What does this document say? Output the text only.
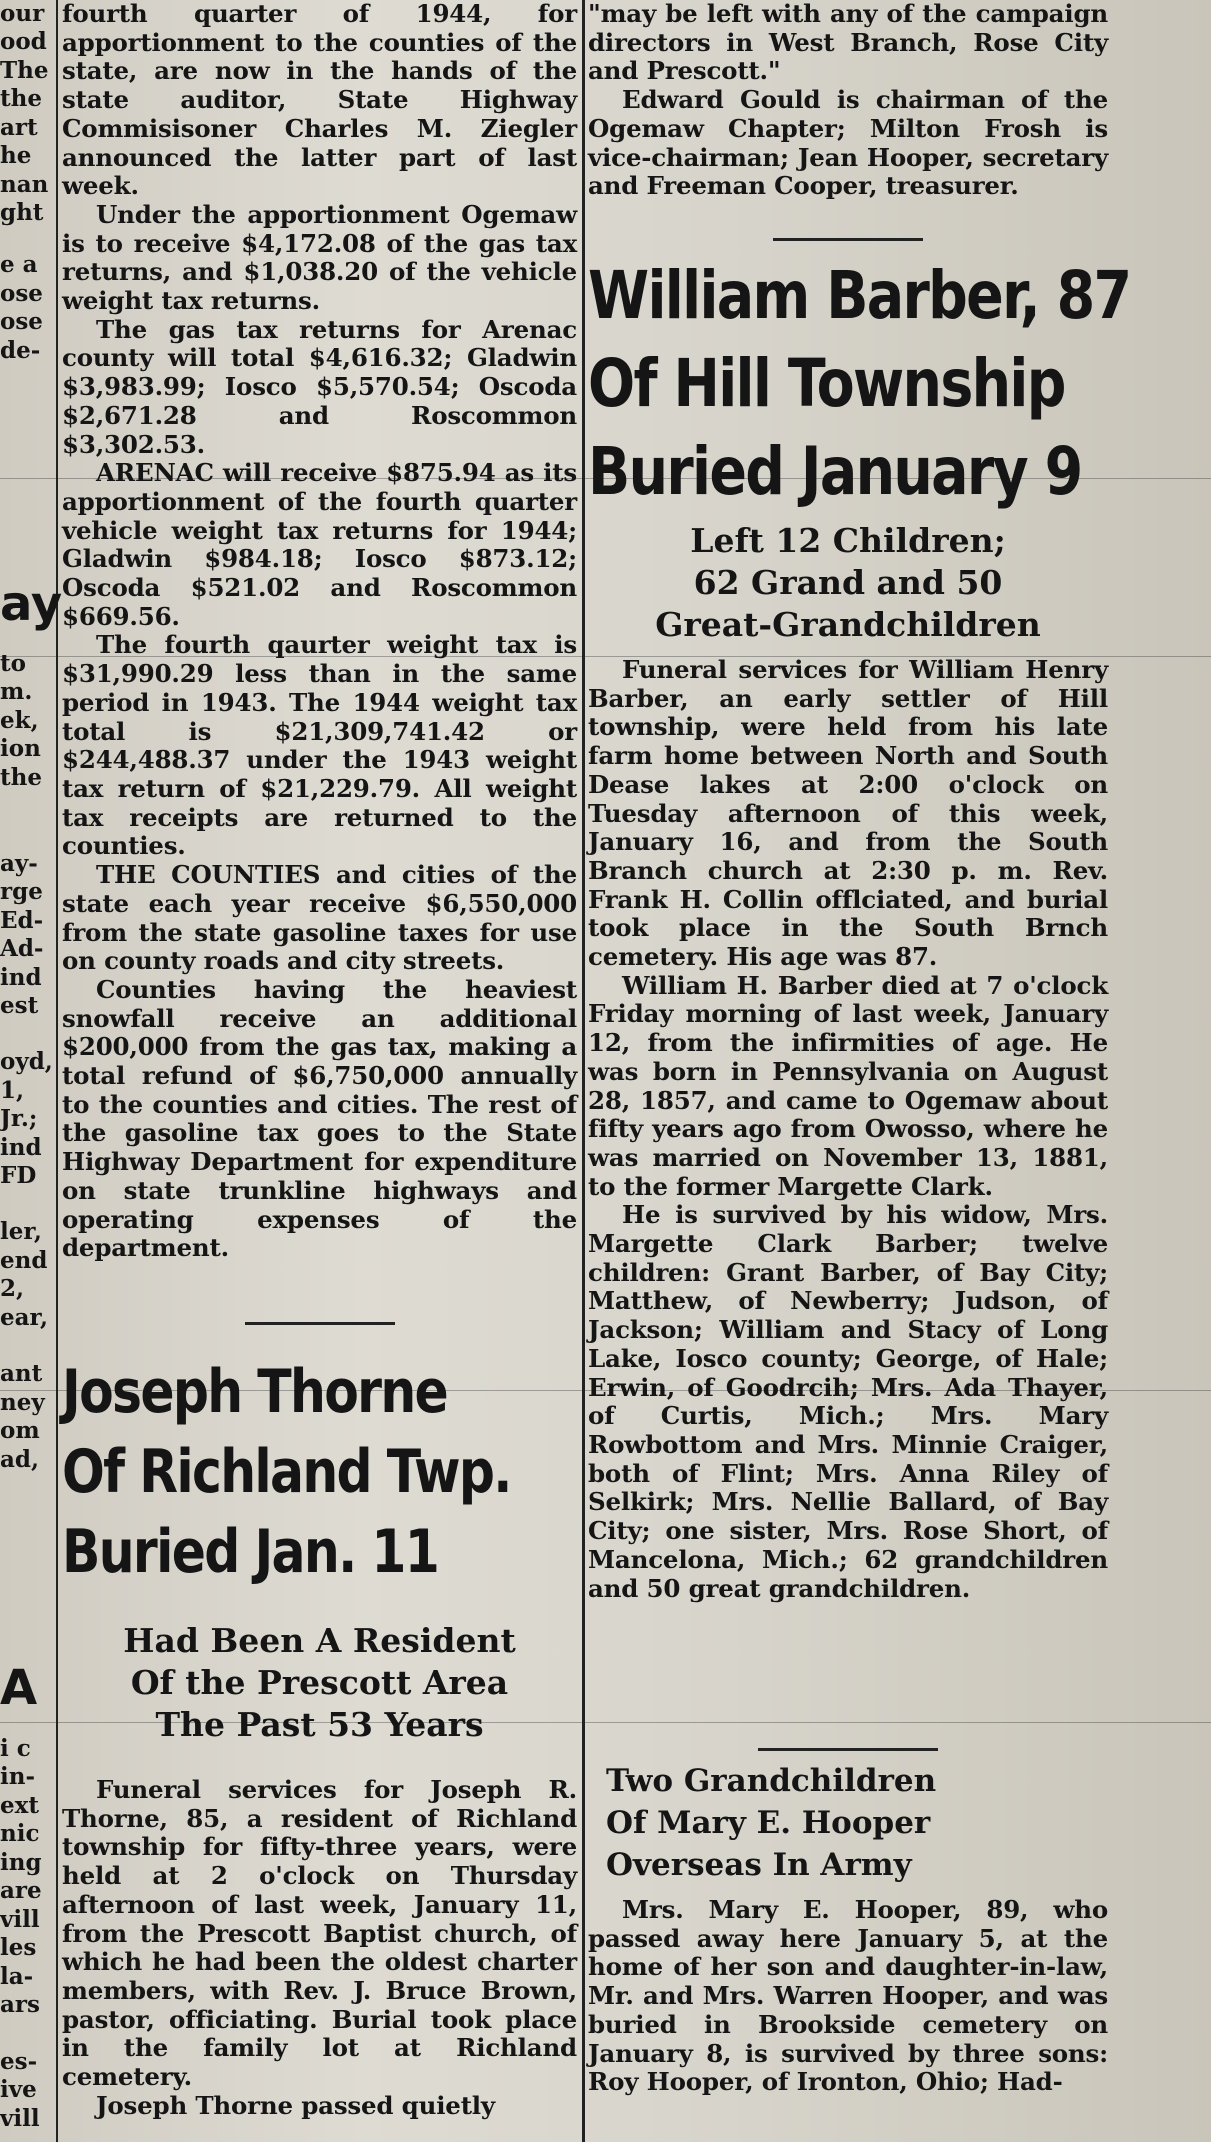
our
ood
The
the
art
he
nan
ght
e a
ose
ose
de-
ay
to
m.
ek,
ion
the
ay-
rge
Ed-
Ad-
ind
est
oyd,
1,
Jr.;
ind
FD
ler,
end
2,
ear,
ant
ney
om
ad,
A
i c
in-
ext
nic
ing
are
vill
les
la-
ars
es-
ive
vill

fourth quarter of 1944, for apportionment to the counties of the state, are now in the hands of the state auditor, State Highway Commisisoner Charles M. Ziegler announced the latter part of last week.

Under the apportionment Ogemaw is to receive $4,172.08 of the gas tax returns, and $1,038.20 of the vehicle weight tax returns.

The gas tax returns for Arenac county will total $4,616.32; Gladwin $3,983.99; Iosco $5,570.54; Oscoda $2,671.28 and Roscommon $3,302.53.

ARENAC will receive $875.94 as its apportionment of the fourth quarter vehicle weight tax returns for 1944; Gladwin $984.18; Iosco $873.12; Oscoda $521.02 and Roscommon $669.56.

The fourth qaurter weight tax is $31,990.29 less than in the same period in 1943. The 1944 weight tax total is $21,309,741.42 or $244,488.37 under the 1943 weight tax return of $21,229.79. All weight tax receipts are returned to the counties.

THE COUNTIES and cities of the state each year receive $6,550,000 from the state gasoline taxes for use on county roads and city streets.

Counties having the heaviest snowfall receive an additional $200,000 from the gas tax, making a total refund of $6,750,000 annually to the counties and cities. The rest of the gasoline tax goes to the State Highway Department for expenditure on state trunkline highways and operating expenses of the department.

Joseph Thorne
Of Richland Twp.
Buried Jan. 11
Had Been A Resident
Of the Prescott Area
The Past 53 Years

Funeral services for Joseph R. Thorne, 85, a resident of Richland township for fifty-three years, were held at 2 o'clock on Thursday afternoon of last week, January 11, from the Prescott Baptist church, of which he had been the oldest charter members, with Rev. J. Bruce Brown, pastor, officiating. Burial took place in the family lot at Richland cemetery.

Joseph Thorne passed quietly

"may be left with any of the campaign directors in West Branch, Rose City and Prescott."

Edward Gould is chairman of the Ogemaw Chapter; Milton Frosh is vice-chairman; Jean Hooper, secretary and Freeman Cooper, treasurer.

William Barber, 87
Of Hill Township
Buried January 9
Left 12 Children;
62 Grand and 50
Great-Grandchildren

Funeral services for William Henry Barber, an early settler of Hill township, were held from his late farm home between North and South Dease lakes at 2:00 o'clock on Tuesday afternoon of this week, January 16, and from the South Branch church at 2:30 p. m. Rev. Frank H. Collin offlciated, and burial took place in the South Brnch cemetery. His age was 87.

William H. Barber died at 7 o'clock Friday morning of last week, January 12, from the infirmities of age. He was born in Pennsylvania on August 28, 1857, and came to Ogemaw about fifty years ago from Owosso, where he was married on November 13, 1881, to the former Margette Clark.

He is survived by his widow, Mrs. Margette Clark Barber; twelve children: Grant Barber, of Bay City; Matthew, of Newberry; Judson, of Jackson; William and Stacy of Long Lake, Iosco county; George, of Hale; Erwin, of Goodrcih; Mrs. Ada Thayer, of Curtis, Mich.; Mrs. Mary Rowbottom and Mrs. Minnie Craiger, both of Flint; Mrs. Anna Riley of Selkirk; Mrs. Nellie Ballard, of Bay City; one sister, Mrs. Rose Short, of Mancelona, Mich.; 62 grandchildren and 50 great grandchildren.

Two Grandchildren
Of Mary E. Hooper
Overseas In Army

Mrs. Mary E. Hooper, 89, who passed away here January 5, at the home of her son and daughter-in-law, Mr. and Mrs. Warren Hooper, and was buried in Brookside cemetery on January 8, is survived by three sons: Roy Hooper, of Ironton, Ohio; Had-
